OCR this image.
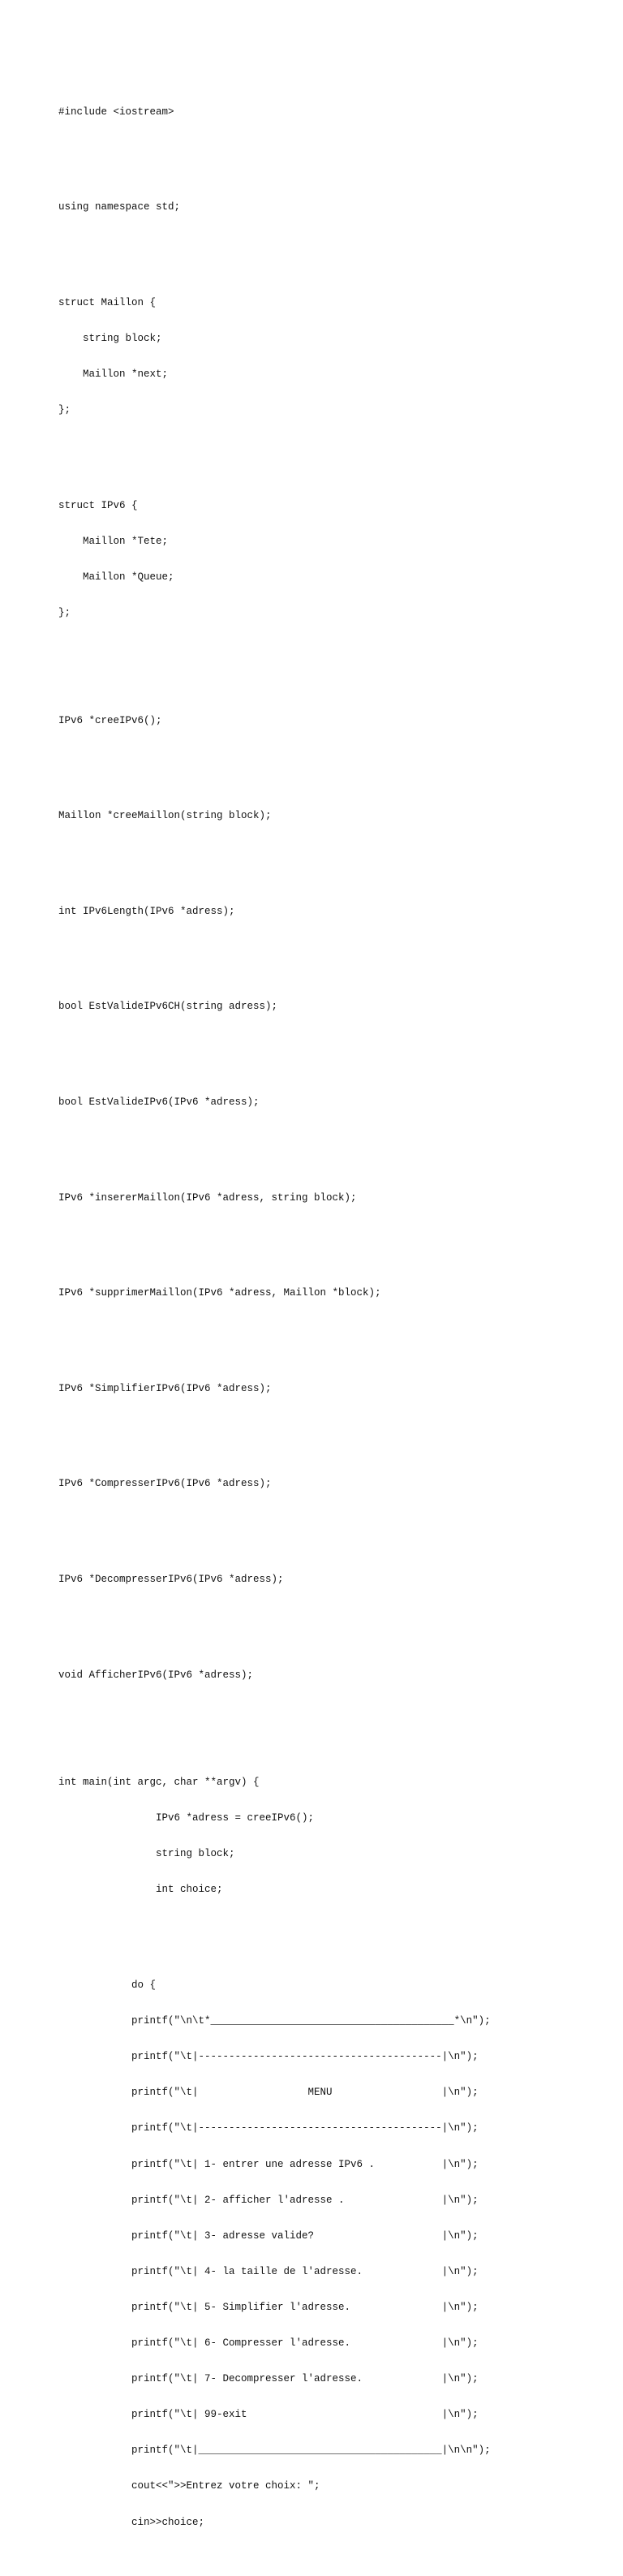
#include <iostream>

using namespace std;

struct Maillon {

string block;

Maillon *next;

};

struct IPv6 {

Maillon *Tete;

Maillon *Queue;

};

IPv6 *creeIPv6();

Maillon *creeMaillon(string block);

int IPv6Length(IPv6 *adress);

bool EstValideIPv6CH(string adress);

bool EstValideIPv6(IPv6 *adress);

IPv6 *insererMaillon(IPv6 *adress, string block);

IPv6 *supprimerMaillon(IPv6 *adress, Maillon *block);

IPv6 *SimplifierIPv6(IPv6 *adress);

IPv6 *CompresserIPv6(IPv6 *adress);

IPv6 *DecompresserIPv6(IPv6 *adress);

void AfficherIPv6(IPv6 *adress);

int main(int argc, char **argv) {

IPv6 *adress = creeIPv6();

string block;

int choice;

do {

printf("\n\t*________________________________________*\n");

printf("\t|----------------------------------------|\n");

printf("\t|                  MENU                  |\n");

printf("\t|----------------------------------------|\n");

printf("\t| 1- entrer une adresse IPv6 .           |\n");

printf("\t| 2- afficher l'adresse .                |\n");

printf("\t| 3- adresse valide?                     |\n");

printf("\t| 4- la taille de l'adresse.             |\n");

printf("\t| 5- Simplifier l'adresse.               |\n");

printf("\t| 6- Compresser l'adresse.               |\n");

printf("\t| 7- Decompresser l'adresse.             |\n");

printf("\t| 99-exit                                |\n");

printf("\t|________________________________________|\n\n");

cout<<">>Entrez votre choix: ";

cin>>choice;
